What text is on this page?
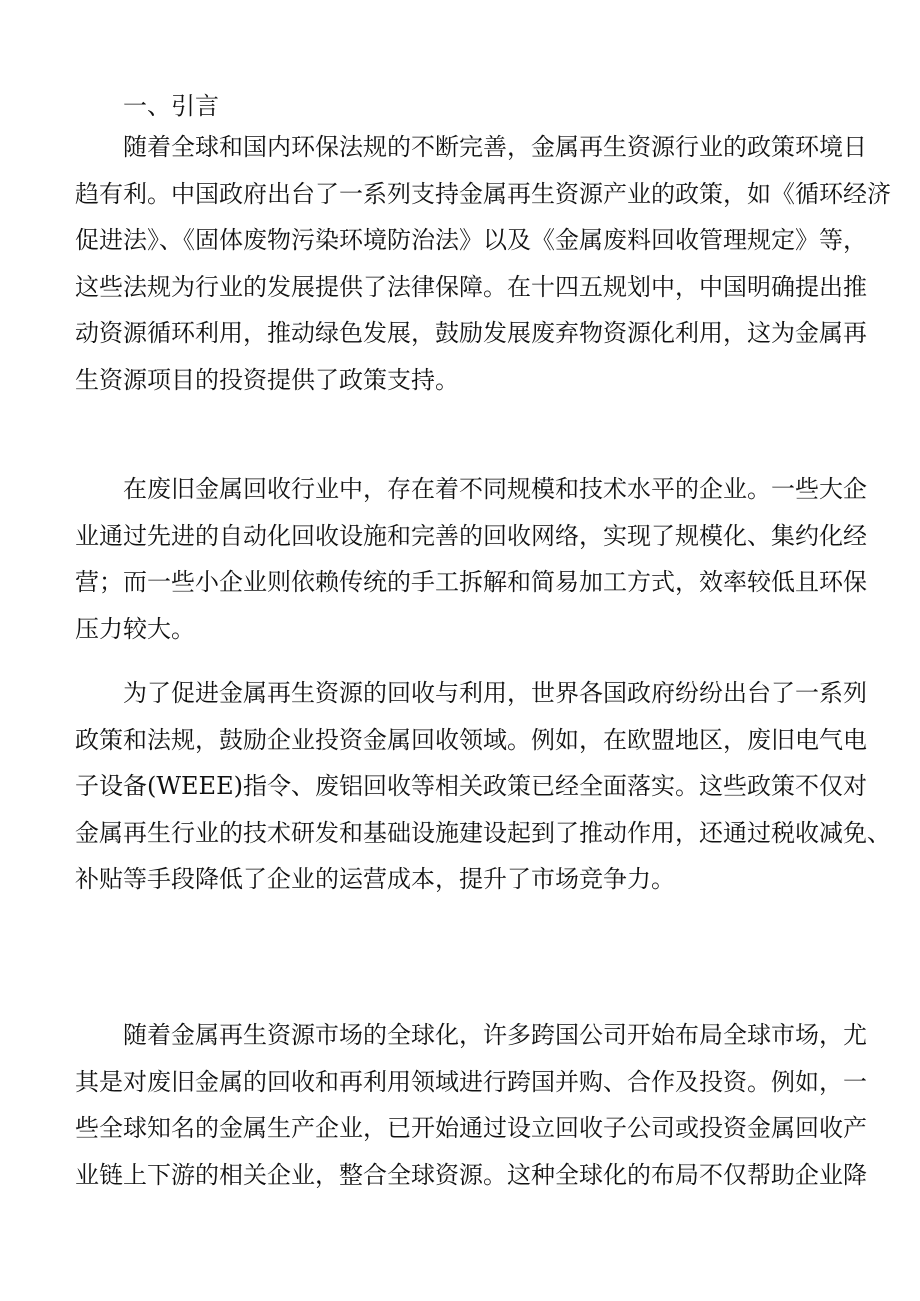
一、引言

随着全球和国内环保法规的不断完善，金属再生资源行业的政策环境日
趋有利。中国政府出台了一系列支持金属再生资源产业的政策，如《循环经济
促进法》、《固体废物污染环境防治法》以及《金属废料回收管理规定》等，
这些法规为行业的发展提供了法律保障。在十四五规划中，中国明确提出推
动资源循环利用，推动绿色发展，鼓励发展废弃物资源化利用，这为金属再
生资源项目的投资提供了政策支持。

在废旧金属回收行业中，存在着不同规模和技术水平的企业。一些大企
业通过先进的自动化回收设施和完善的回收网络，实现了规模化、集约化经
营；而一些小企业则依赖传统的手工拆解和简易加工方式，效率较低且环保
压力较大。

为了促进金属再生资源的回收与利用，世界各国政府纷纷出台了一系列
政策和法规，鼓励企业投资金属回收领域。例如，在欧盟地区，废旧电气电
子设备(WEEE)指令、废铝回收等相关政策已经全面落实。这些政策不仅对
金属再生行业的技术研发和基础设施建设起到了推动作用，还通过税收减免、
补贴等手段降低了企业的运营成本，提升了市场竞争力。

随着金属再生资源市场的全球化，许多跨国公司开始布局全球市场，尤
其是对废旧金属的回收和再利用领域进行跨国并购、合作及投资。例如，一
些全球知名的金属生产企业，已开始通过设立回收子公司或投资金属回收产
业链上下游的相关企业，整合全球资源。这种全球化的布局不仅帮助企业降
